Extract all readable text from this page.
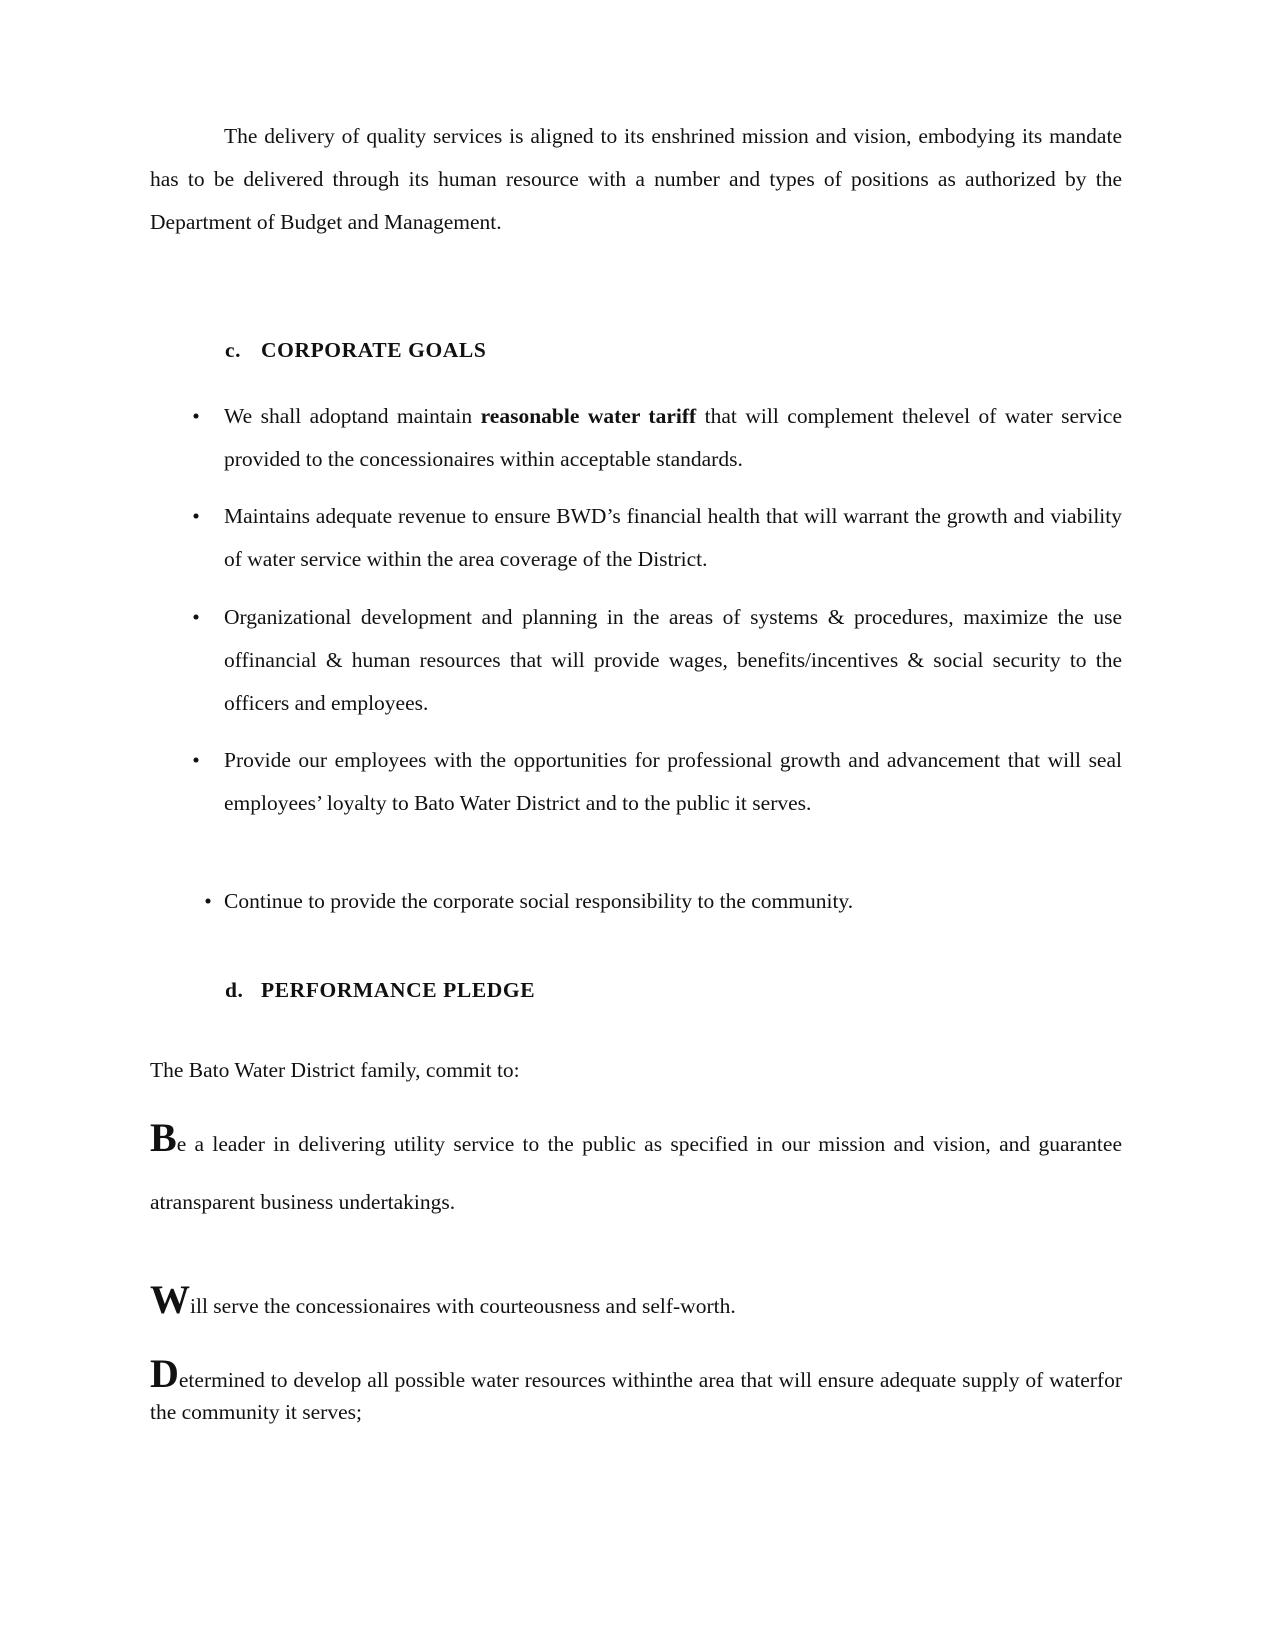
The delivery of quality services is aligned to its enshrined mission and vision, embodying its mandate has to be delivered through its human resource with a number and types of positions as authorized by the Department of Budget and Management.

c. CORPORATE GOALS
• We shall adoptand maintain reasonable water tariff that will complement thelevel of water service provided to the concessionaires within acceptable standards.
• Maintains adequate revenue to ensure BWD’s financial health that will warrant the growth and viability of water service within the area coverage of the District.
• Organizational development and planning in the areas of systems & procedures, maximize the use offinancial & human resources that will provide wages, benefits/incentives & social security to the officers and employees.
• Provide our employees with the opportunities for professional growth and advancement that will seal employees’ loyalty to Bato Water District and to the public it serves.
• Continue to provide the corporate social responsibility to the community.
d. PERFORMANCE PLEDGE
The Bato Water District family, commit to:
Be a leader in delivering utility service to the public as specified in our mission and vision, and guarantee atransparent business undertakings.
Will serve the concessionaires with courteousness and self-worth.
Determined to develop all possible water resources withinthe area that will ensure adequate supply of waterfor the community it serves;
